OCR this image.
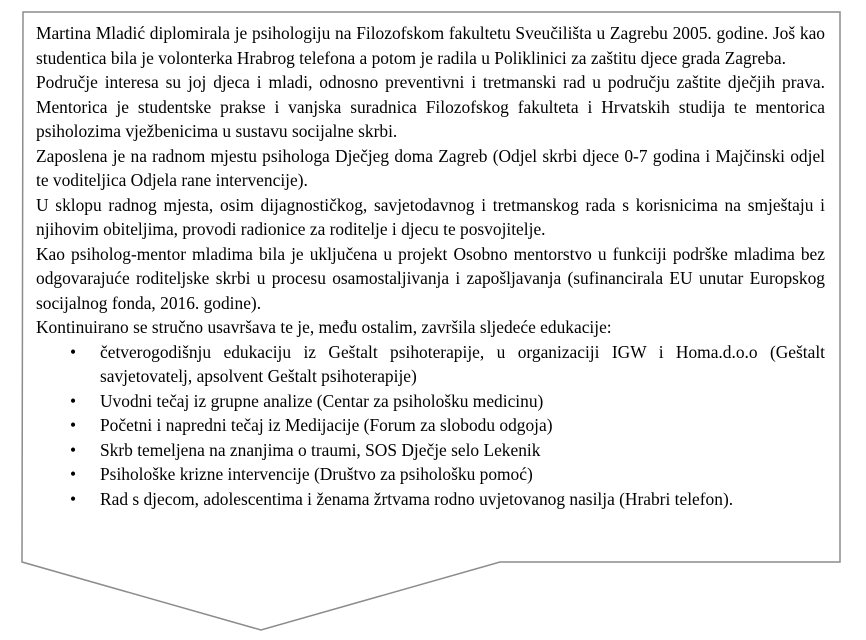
Martina Mladić diplomirala je psihologiju na Filozofskom fakultetu Sveučilišta u Zagrebu 2005. godine. Još kao studentica bila je volonterka Hrabrog telefona a potom je radila u Poliklinici za zaštitu djece grada Zagreba.

Područje interesa su joj djeca i mladi, odnosno preventivni i tretmanski rad u području zaštite dječjih prava. Mentorica je studentske prakse i vanjska suradnica Filozofskog fakulteta i Hrvatskih studija te mentorica psiholozima vježbenicima u sustavu socijalne skrbi.

Zaposlena je na radnom mjestu psihologa Dječjeg doma Zagreb (Odjel skrbi djece 0-7 godina i Majčinski odjel te voditeljica Odjela rane intervencije).

U sklopu radnog mjesta, osim dijagnostičkog, savjetodavnog i tretmanskog rada s korisnicima na smještaju i njihovim obiteljima, provodi radionice za roditelje i djecu te posvojitelje.

Kao psiholog-mentor mladima bila je uključena u projekt Osobno mentorstvo u funkciji podrške mladima bez odgovarajuće roditeljske skrbi u procesu osamostaljivanja i zapošljavanja (sufinancirala EU unutar Europskog socijalnog fonda, 2016. godine).

Kontinuirano se stručno usavršava te je, među ostalim, završila sljedeće edukacije:

• četverogodišnju edukaciju iz Geštalt psihoterapije, u organizaciji IGW i Homa.d.o.o (Geštalt savjetovatelj, apsolvent Geštalt psihoterapije)
• Uvodni tečaj iz grupne analize (Centar za psihološku medicinu)
• Početni i napredni tečaj iz Medijacije (Forum za slobodu odgoja)
• Skrb temeljena na znanjima o traumi, SOS Dječje selo Lekenik
• Psihološke krizne intervencije (Društvo za psihološku pomoć)
• Rad s djecom, adolescentima i ženama žrtvama rodno uvjetovanog nasilja (Hrabri telefon).
